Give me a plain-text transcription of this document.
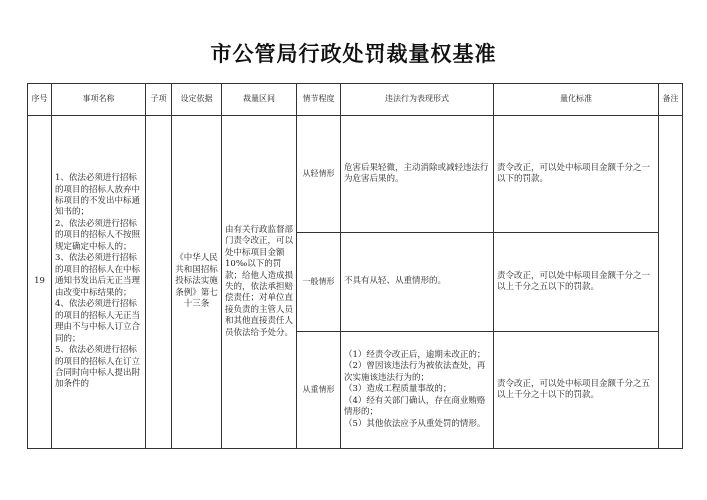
市公管局行政处罚裁量权基准
序号	事项名称	子项	设定依据	裁量区间	情节程度	违法行为表现形式	量化标准	备注
19	1、依法必须进行招标的项目的招标人放弃中标项目的不发出中标通知书的；
2、依法必须进行招标的项目的招标人不按照规定确定中标人的；
3、依法必须进行招标的项目的招标人在中标通知书发出后无正当理由改变中标结果的；
4、依法必须进行招标的项目的招标人无正当理由不与中标人订立合同的；
5、依法必须进行招标的项目的招标人在订立合同时向中标人提出附加条件的		《中华人民共和国招标投标法实施条例》第七十三条	由有关行政监督部门责令改正，可以处中标项目金额10‰以下的罚款；给他人造成损失的，依法承担赔偿责任；对单位直接负责的主管人员和其他直接责任人员依法给予处分。	从轻情形	危害后果轻微，主动消除或减轻违法行为危害后果的。	责令改正，可以处中标项目金额千分之一以下的罚款。	
					一般情形	不具有从轻、从重情形的。	责令改正，可以处中标项目金额千分之一以上千分之五以下的罚款。	
					从重情形	（1）经责令改正后，逾期未改正的；
（2）曾因该违法行为被依法查处，再次实施该违法行为的；
（3）造成工程质量事故的；
（4）经有关部门确认，存在商业贿赂情形的；
（5）其他依法应予从重处罚的情形。	责令改正，可以处中标项目金额千分之五以上千分之十以下的罚款。	
